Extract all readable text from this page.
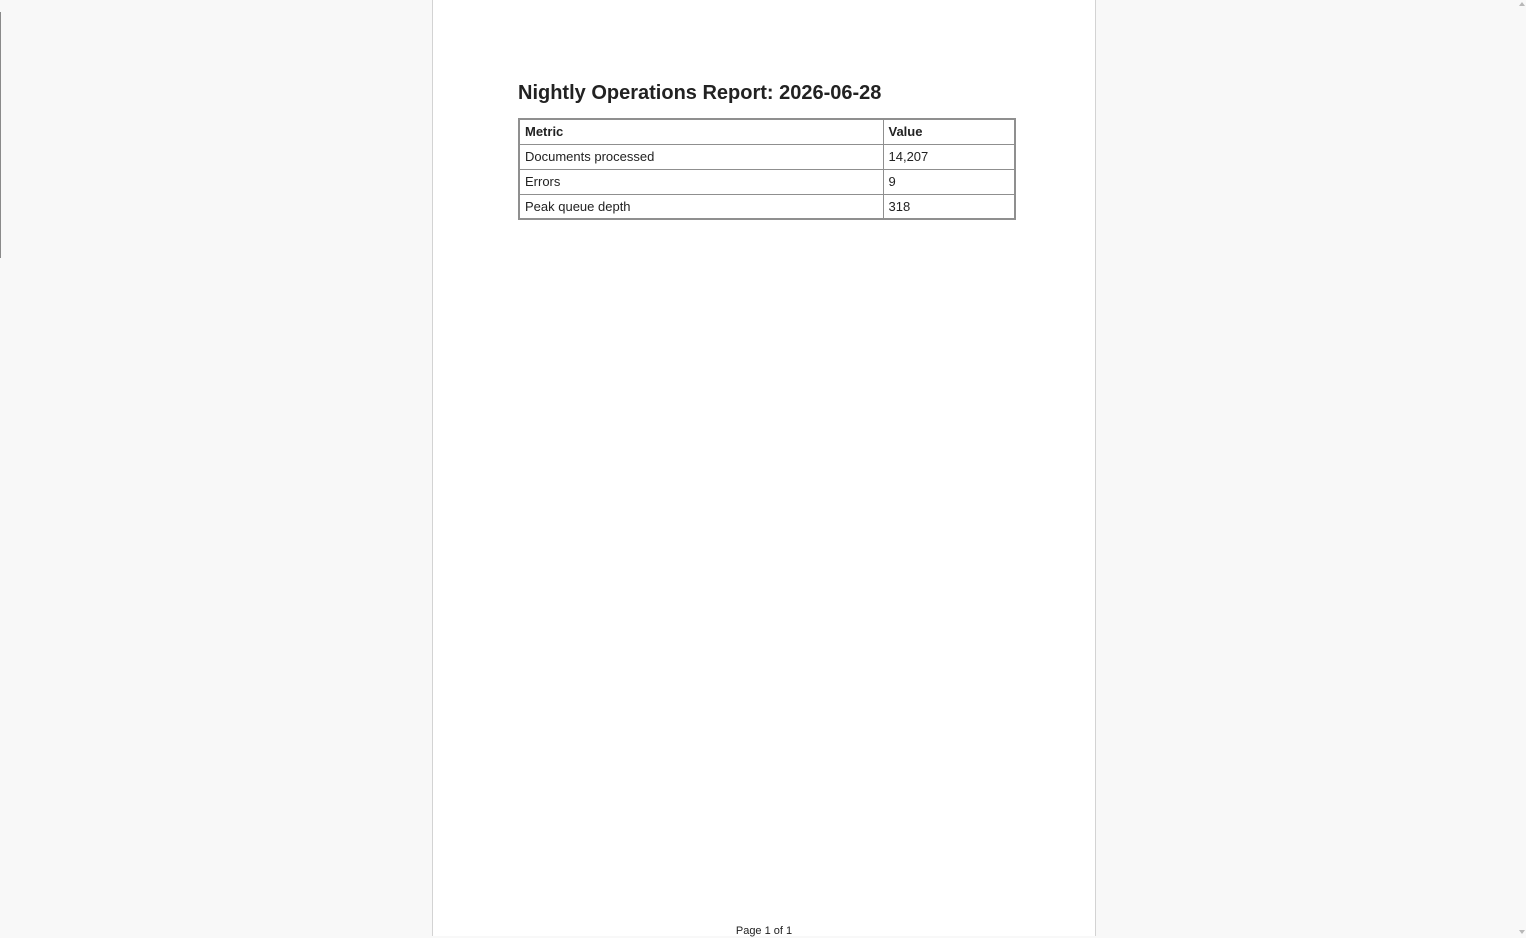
Nightly Operations Report: 2026-06-28
Metric	Value
Documents processed	14,207
Errors	9
Peak queue depth	318
Page 1 of 1
